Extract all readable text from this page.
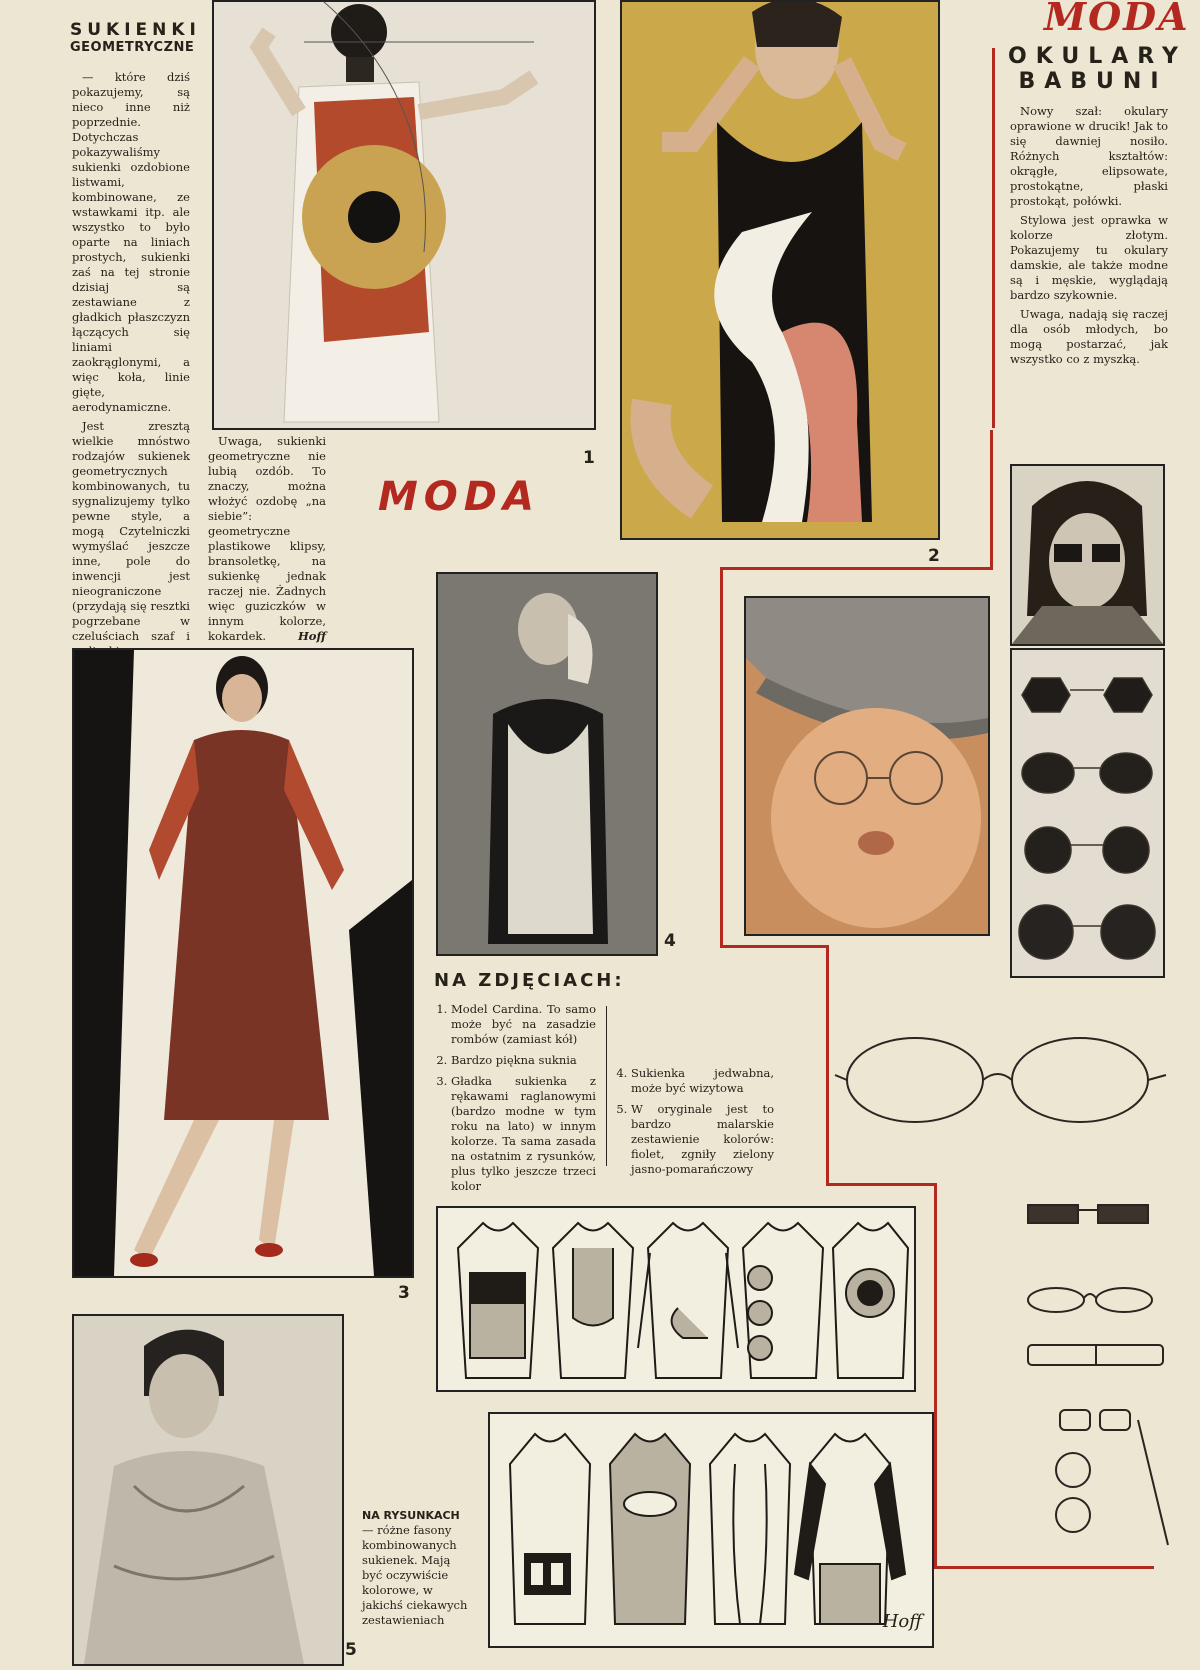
SUKIENKI
GEOMETRYCZNE

— które dziś pokazujemy, są nieco inne niż poprzednie. Dotychczas pokazywaliśmy sukienki ozdobione listwami, kombinowane, ze wstawkami itp. ale wszystko to było oparte na liniach prostych, sukienki zaś na tej stronie dzisiaj są zestawiane z gładkich płaszczyzn łączących się liniami zaokrąglonymi, a więc koła, linie gięte, aerodynamiczne.

Jest zresztą wielkie mnóstwo rodzajów sukienek geometrycznych kombinowanych, tu sygnalizujemy tylko pewne style, a mogą Czytelniczki wymyślać jeszcze inne, pole do inwencji jest nieograniczone (przydają się resztki pogrzebane w czeluściach szaf i

Uwaga, sukienki geometryczne nie lubią ozdób. To znaczy, można włożyć ozdobę „na siebie”: geometryczne plastikowe klipsy, bransoletkę, na sukienkę jednak raczej nie. Żadnych więc guziczków w innym kolorze, kokardek.	Hoff
1
2
MODA
MODA
OKULARY
BABUNI

Nowy szał: okulary oprawione w drucik! Jak to się dawniej nosiło. Różnych kształtów: okrągłe, elipsowate, prostokątne, płaski prostokąt, połówki.

Stylowa jest oprawka w kolorze złotym. Pokazujemy tu okulary damskie, ale także modne są i męskie, wyglądają bardzo szykownie.

Uwaga, nadają się raczej dla osób młodych, bo mogą postarzać, jak wszystko co z myszką.

3
4
NA ZDJĘCIACH:
1. Model Cardina. To samo może być na zasadzie rombów (zamiast kół)
2. Bardzo piękna suknia
3. Gładka sukienka z rękawami raglanowymi (bardzo modne w tym roku na lato) w innym kolorze. Ta sama zasada na ostatnim z rysunków, plus tylko jeszcze trzeci kolor
4. Sukienka jedwabna, może być wizytowa
5. W oryginale jest to bardzo malarskie zestawienie kolorów: fiolet, zgniły zielony jasno-pomarańczowy
Hoff
5
NA RYSUNKACH
— różne fasony kombinowanych sukienek. Mają być oczywiście kolorowe, w jakichś ciekawych zestawieniach
